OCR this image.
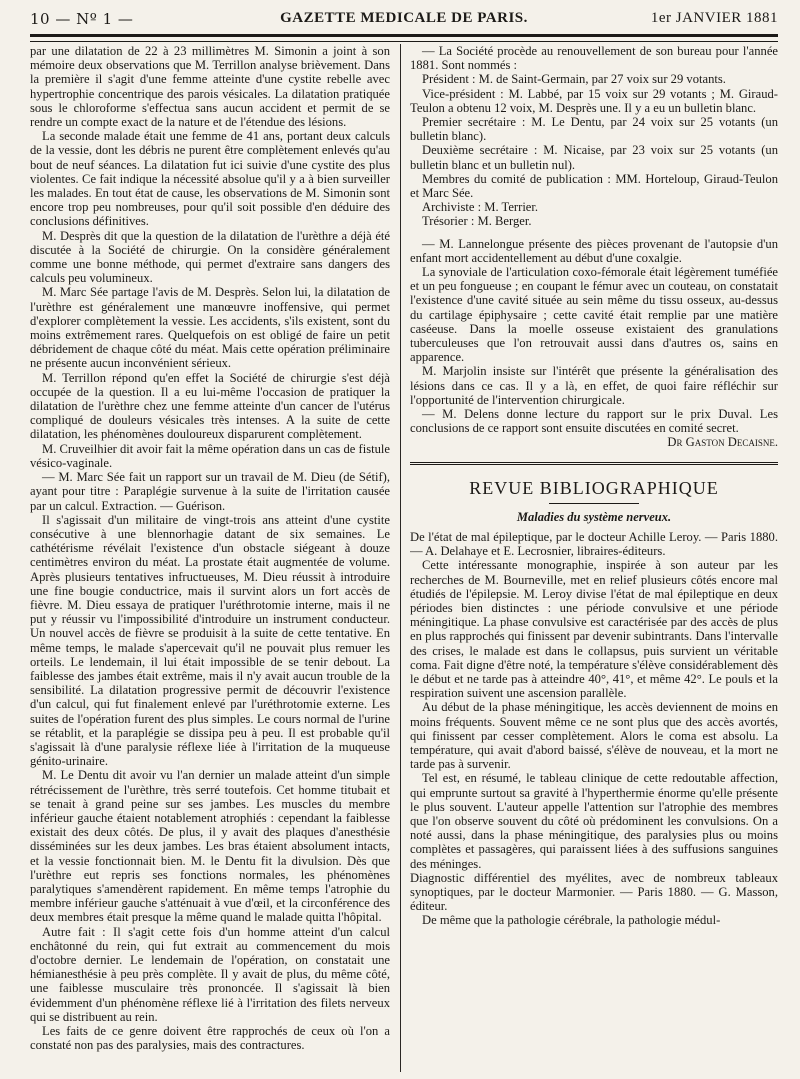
10 — Nº 1 —	GAZETTE MEDICALE DE PARIS.	1er JANVIER 1881

par une dilatation de 22 à 23 millimètres M. Simonin a joint à son mémoire deux observations que M. Terrillon analyse brièvement. Dans la première il s'agit d'une femme atteinte d'une cystite rebelle avec hypertrophie concentrique des parois vésicales. La dilatation pratiquée sous le chloroforme s'effectua sans aucun accident et permit de se rendre un compte exact de la nature et de l'étendue des lésions.

La seconde malade était une femme de 41 ans, portant deux calculs de la vessie, dont les débris ne purent être complètement enlevés qu'au bout de neuf séances. La dilatation fut ici suivie d'une cystite des plus violentes. Ce fait indique la nécessité absolue qu'il y a à bien surveiller les malades. En tout état de cause, les observations de M. Simonin sont encore trop peu nombreuses, pour qu'il soit possible d'en déduire des conclusions définitives.

M. Desprès dit que la question de la dilatation de l'urèthre a déjà été discutée à la Société de chirurgie. On la considère généralement comme une bonne méthode, qui permet d'extraire sans dangers des calculs peu volumineux.

M. Marc Sée partage l'avis de M. Desprès. Selon lui, la dilatation de l'urèthre est généralement une manœuvre inoffensive, qui permet d'explorer complètement la vessie. Les accidents, s'ils existent, sont du moins extrêmement rares. Quelquefois on est obligé de faire un petit débridement de chaque côté du méat. Mais cette opération préliminaire ne présente aucun inconvénient sérieux.

M. Terrillon répond qu'en effet la Société de chirurgie s'est déjà occupée de la question. Il a eu lui-même l'occasion de pratiquer la dilatation de l'urèthre chez une femme atteinte d'un cancer de l'utérus compliqué de douleurs vésicales très intenses. A la suite de cette dilatation, les phénomènes douloureux disparurent complètement.

M. Cruveilhier dit avoir fait la même opération dans un cas de fistule vésico-vaginale.

— M. Marc Sée fait un rapport sur un travail de M. Dieu (de Sétif), ayant pour titre : Paraplégie survenue à la suite de l'irritation causée par un calcul. Extraction. — Guérison.

Il s'agissait d'un militaire de vingt-trois ans atteint d'une cystite consécutive à une blennorhagie datant de six semaines. Le cathétérisme révélait l'existence d'un obstacle siégeant à douze centimètres environ du méat. La prostate était augmentée de volume. Après plusieurs tentatives infructueuses, M. Dieu réussit à introduire une fine bougie conductrice, mais il survint alors un fort accès de fièvre. M. Dieu essaya de pratiquer l'uréthrotomie interne, mais il ne put y réussir vu l'impossibilité d'introduire un instrument conducteur. Un nouvel accès de fièvre se produisit à la suite de cette tentative. En même temps, le malade s'apercevait qu'il ne pouvait plus remuer les orteils. Le lendemain, il lui était impossible de se tenir debout. La faiblesse des jambes était extrême, mais il n'y avait aucun trouble de la sensibilité. La dilatation progressive permit de découvrir l'existence d'un calcul, qui fut finalement enlevé par l'uréthrotomie externe. Les suites de l'opération furent des plus simples. Le cours normal de l'urine se rétablit, et la paraplégie se dissipa peu à peu. Il est probable qu'il s'agissait là d'une paralysie réflexe liée à l'irritation de la muqueuse génito-urinaire.

M. Le Dentu dit avoir vu l'an dernier un malade atteint d'un simple rétrécissement de l'urèthre, très serré toutefois. Cet homme titubait et se tenait à grand peine sur ses jambes. Les muscles du membre inférieur gauche étaient notablement atrophiés : cependant la faiblesse existait des deux côtés. De plus, il y avait des plaques d'anesthésie disséminées sur les deux jambes. Les bras étaient absolument intacts, et la vessie fonctionnait bien. M. le Dentu fit la divulsion. Dès que l'urèthre eut repris ses fonctions normales, les phénomènes paralytiques s'amendèrent rapidement. En même temps l'atrophie du membre inférieur gauche s'atténuait à vue d'œil, et la circonférence des deux membres était presque la même quand le malade quitta l'hôpital.

Autre fait : Il s'agit cette fois d'un homme atteint d'un calcul enchâtonné du rein, qui fut extrait au commencement du mois d'octobre dernier. Le lendemain de l'opération, on constatait une hémianesthésie à peu près complète. Il y avait de plus, du même côté, une faiblesse musculaire très prononcée. Il s'agissait là bien évidemment d'un phénomène réflexe lié à l'irritation des filets nerveux qui se distribuent au rein.

Les faits de ce genre doivent être rapprochés de ceux où l'on a constaté non pas des paralysies, mais des contractures.

— La Société procède au renouvellement de son bureau pour l'année 1881. Sont nommés :

Président : M. de Saint-Germain, par 27 voix sur 29 votants.

Vice-président : M. Labbé, par 15 voix sur 29 votants ; M. Giraud-Teulon a obtenu 12 voix, M. Desprès une. Il y a eu un bulletin blanc.

Premier secrétaire : M. Le Dentu, par 24 voix sur 25 votants (un bulletin blanc).

Deuxième secrétaire : M. Nicaise, par 23 voix sur 25 votants (un bulletin blanc et un bulletin nul).

Membres du comité de publication : MM. Horteloup, Giraud-Teulon et Marc Sée.

Archiviste : M. Terrier.

Trésorier : M. Berger.

— M. Lannelongue présente des pièces provenant de l'autopsie d'un enfant mort accidentellement au début d'une coxalgie.

La synoviale de l'articulation coxo-fémorale était légèrement tuméfiée et un peu fongueuse ; en coupant le fémur avec un couteau, on constatait l'existence d'une cavité située au sein même du tissu osseux, au-dessus du cartilage épiphysaire ; cette cavité était remplie par une matière caséeuse. Dans la moelle osseuse existaient des granulations tuberculeuses que l'on retrouvait aussi dans d'autres os, sains en apparence.

M. Marjolin insiste sur l'intérêt que présente la généralisation des lésions dans ce cas. Il y a là, en effet, de quoi faire réfléchir sur l'opportunité de l'intervention chirurgicale.

— M. Delens donne lecture du rapport sur le prix Duval. Les conclusions de ce rapport sont ensuite discutées en comité secret.

Dr Gaston Decaisne.

REVUE BIBLIOGRAPHIQUE
Maladies du système nerveux.

De l'état de mal épileptique, par le docteur Achille Leroy. — Paris 1880. — A. Delahaye et E. Lecrosnier, libraires-éditeurs.

Cette intéressante monographie, inspirée à son auteur par les recherches de M. Bourneville, met en relief plusieurs côtés encore mal étudiés de l'épilepsie. M. Leroy divise l'état de mal épileptique en deux périodes bien distinctes : une période convulsive et une période méningitique. La phase convulsive est caractérisée par des accès de plus en plus rapprochés qui finissent par devenir subintrants. Dans l'intervalle des crises, le malade est dans le collapsus, puis survient un véritable coma. Fait digne d'être noté, la température s'élève considérablement dès le début et ne tarde pas à atteindre 40°, 41°, et même 42°. Le pouls et la respiration suivent une ascension parallèle.

Au début de la phase méningitique, les accès deviennent de moins en moins fréquents. Souvent même ce ne sont plus que des accès avortés, qui finissent par cesser complètement. Alors le coma est absolu. La température, qui avait d'abord baissé, s'élève de nouveau, et la mort ne tarde pas à survenir.

Tel est, en résumé, le tableau clinique de cette redoutable affection, qui emprunte surtout sa gravité à l'hyperthermie énorme qu'elle présente le plus souvent. L'auteur appelle l'attention sur l'atrophie des membres que l'on observe souvent du côté où prédominent les convulsions. On a noté aussi, dans la phase méningitique, des paralysies plus ou moins complètes et passagères, qui paraissent liées à des suffusions sanguines des méninges.

Diagnostic différentiel des myélites, avec de nombreux tableaux synoptiques, par le docteur Marmonier. — Paris 1880. — G. Masson, éditeur.

De même que la pathologie cérébrale, la pathologie médul-
